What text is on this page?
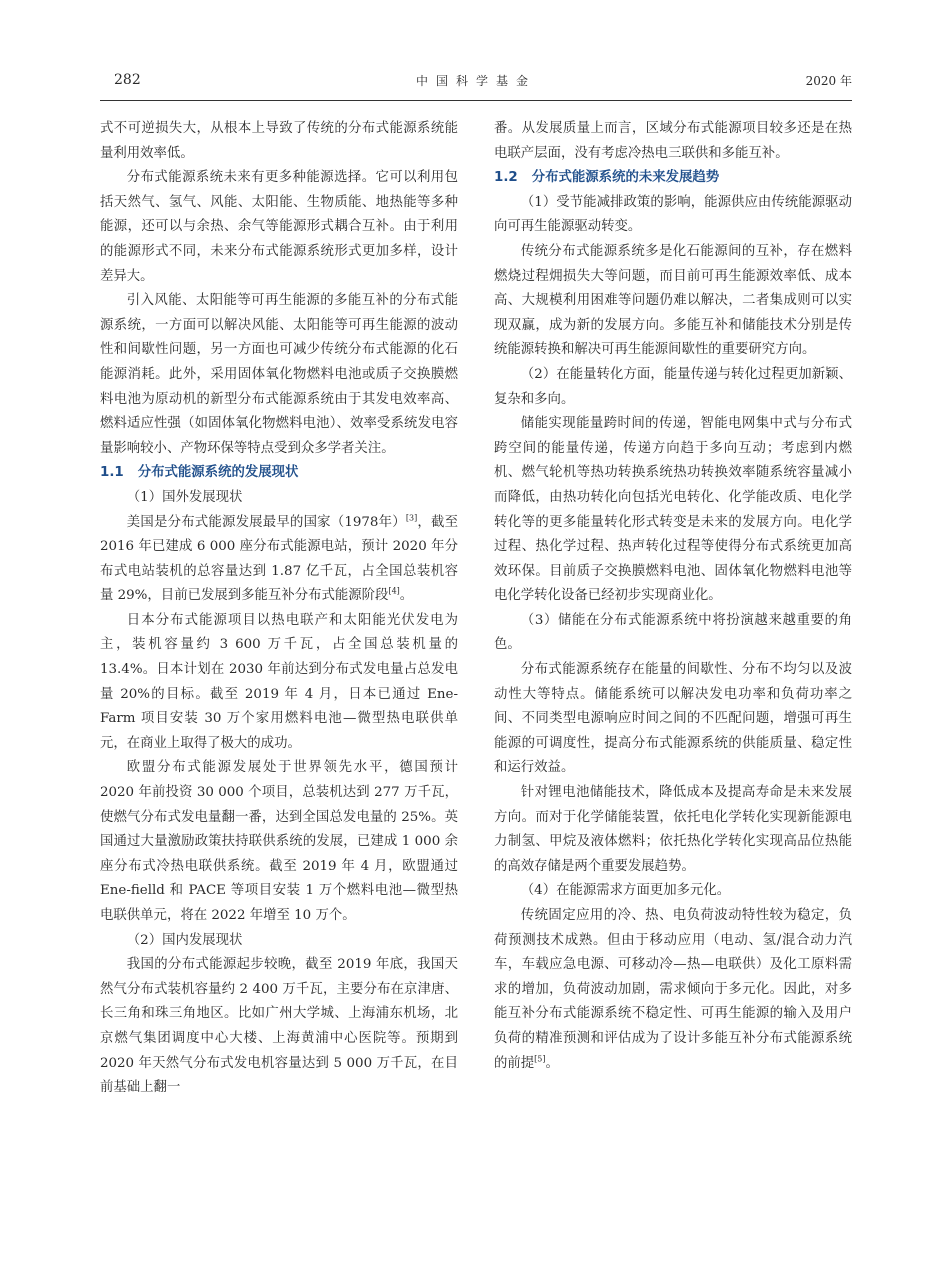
282	中国科学基金	2020 年

式不可逆损失大，从根本上导致了传统的分布式能源系统能量利用效率低。

分布式能源系统未来有更多种能源选择。它可以利用包括天然气、氢气、风能、太阳能、生物质能、地热能等多种能源，还可以与余热、余气等能源形式耦合互补。由于利用的能源形式不同，未来分布式能源系统形式更加多样，设计差异大。

引入风能、太阳能等可再生能源的多能互补的分布式能源系统，一方面可以解决风能、太阳能等可再生能源的波动性和间歇性问题，另一方面也可减少传统分布式能源的化石能源消耗。此外，采用固体氧化物燃料电池或质子交换膜燃料电池为原动机的新型分布式能源系统由于其发电效率高、燃料适应性强（如固体氧化物燃料电池）、效率受系统发电容量影响较小、产物环保等特点受到众多学者关注。

1.1 分布式能源系统的发展现状

（1）国外发展现状

美国是分布式能源发展最早的国家（1978年）[3]，截至 2016 年已建成 6 000 座分布式能源电站，预计 2020 年分布式电站装机的总容量达到 1.87 亿千瓦，占全国总装机容量 29%，目前已发展到多能互补分布式能源阶段[4]。

日本分布式能源项目以热电联产和太阳能光伏发电为主，装机容量约 3 600 万千瓦，占全国总装机量的 13.4%。日本计划在 2030 年前达到分布式发电量占总发电量 20%的目标。截至 2019 年 4 月，日本已通过 Ene-Farm 项目安装 30 万个家用燃料电池—微型热电联供单元，在商业上取得了极大的成功。

欧盟分布式能源发展处于世界领先水平，德国预计 2020 年前投资 30 000 个项目，总装机达到 277 万千瓦，使燃气分布式发电量翻一番，达到全国总发电量的 25%。英国通过大量激励政策扶持联供系统的发展，已建成 1 000 余座分布式冷热电联供系统。截至 2019 年 4 月，欧盟通过 Ene-fielld 和 PACE 等项目安装 1 万个燃料电池—微型热电联供单元，将在 2022 年增至 10 万个。

（2）国内发展现状

我国的分布式能源起步较晚，截至 2019 年底，我国天然气分布式装机容量约 2 400 万千瓦，主要分布在京津唐、长三角和珠三角地区。比如广州大学城、上海浦东机场，北京燃气集团调度中心大楼、上海黄浦中心医院等。预期到 2020 年天然气分布式发电机容量达到 5 000 万千瓦，在目前基础上翻一

番。从发展质量上而言，区域分布式能源项目较多还是在热电联产层面，没有考虑冷热电三联供和多能互补。

1.2 分布式能源系统的未来发展趋势

（1）受节能减排政策的影响，能源供应由传统能源驱动向可再生能源驱动转变。

传统分布式能源系统多是化石能源间的互补，存在燃料燃烧过程㶲损失大等问题，而目前可再生能源效率低、成本高、大规模利用困难等问题仍难以解决，二者集成则可以实现双赢，成为新的发展方向。多能互补和储能技术分别是传统能源转换和解决可再生能源间歇性的重要研究方向。

（2）在能量转化方面，能量传递与转化过程更加新颖、复杂和多向。

储能实现能量跨时间的传递，智能电网集中式与分布式跨空间的能量传递，传递方向趋于多向互动；考虑到内燃机、燃气轮机等热功转换系统热功转换效率随系统容量减小而降低，由热功转化向包括光电转化、化学能改质、电化学转化等的更多能量转化形式转变是未来的发展方向。电化学过程、热化学过程、热声转化过程等使得分布式系统更加高效环保。目前质子交换膜燃料电池、固体氧化物燃料电池等电化学转化设备已经初步实现商业化。

（3）储能在分布式能源系统中将扮演越来越重要的角色。

分布式能源系统存在能量的间歇性、分布不均匀以及波动性大等特点。储能系统可以解决发电功率和负荷功率之间、不同类型电源响应时间之间的不匹配问题，增强可再生能源的可调度性，提高分布式能源系统的供能质量、稳定性和运行效益。

针对锂电池储能技术，降低成本及提高寿命是未来发展方向。而对于化学储能装置，依托电化学转化实现新能源电力制氢、甲烷及液体燃料；依托热化学转化实现高品位热能的高效存储是两个重要发展趋势。

（4）在能源需求方面更加多元化。

传统固定应用的冷、热、电负荷波动特性较为稳定，负荷预测技术成熟。但由于移动应用（电动、氢/混合动力汽车，车载应急电源、可移动冷—热—电联供）及化工原料需求的增加，负荷波动加剧，需求倾向于多元化。因此，对多能互补分布式能源系统不稳定性、可再生能源的输入及用户负荷的精准预测和评估成为了设计多能互补分布式能源系统的前提[5]。
